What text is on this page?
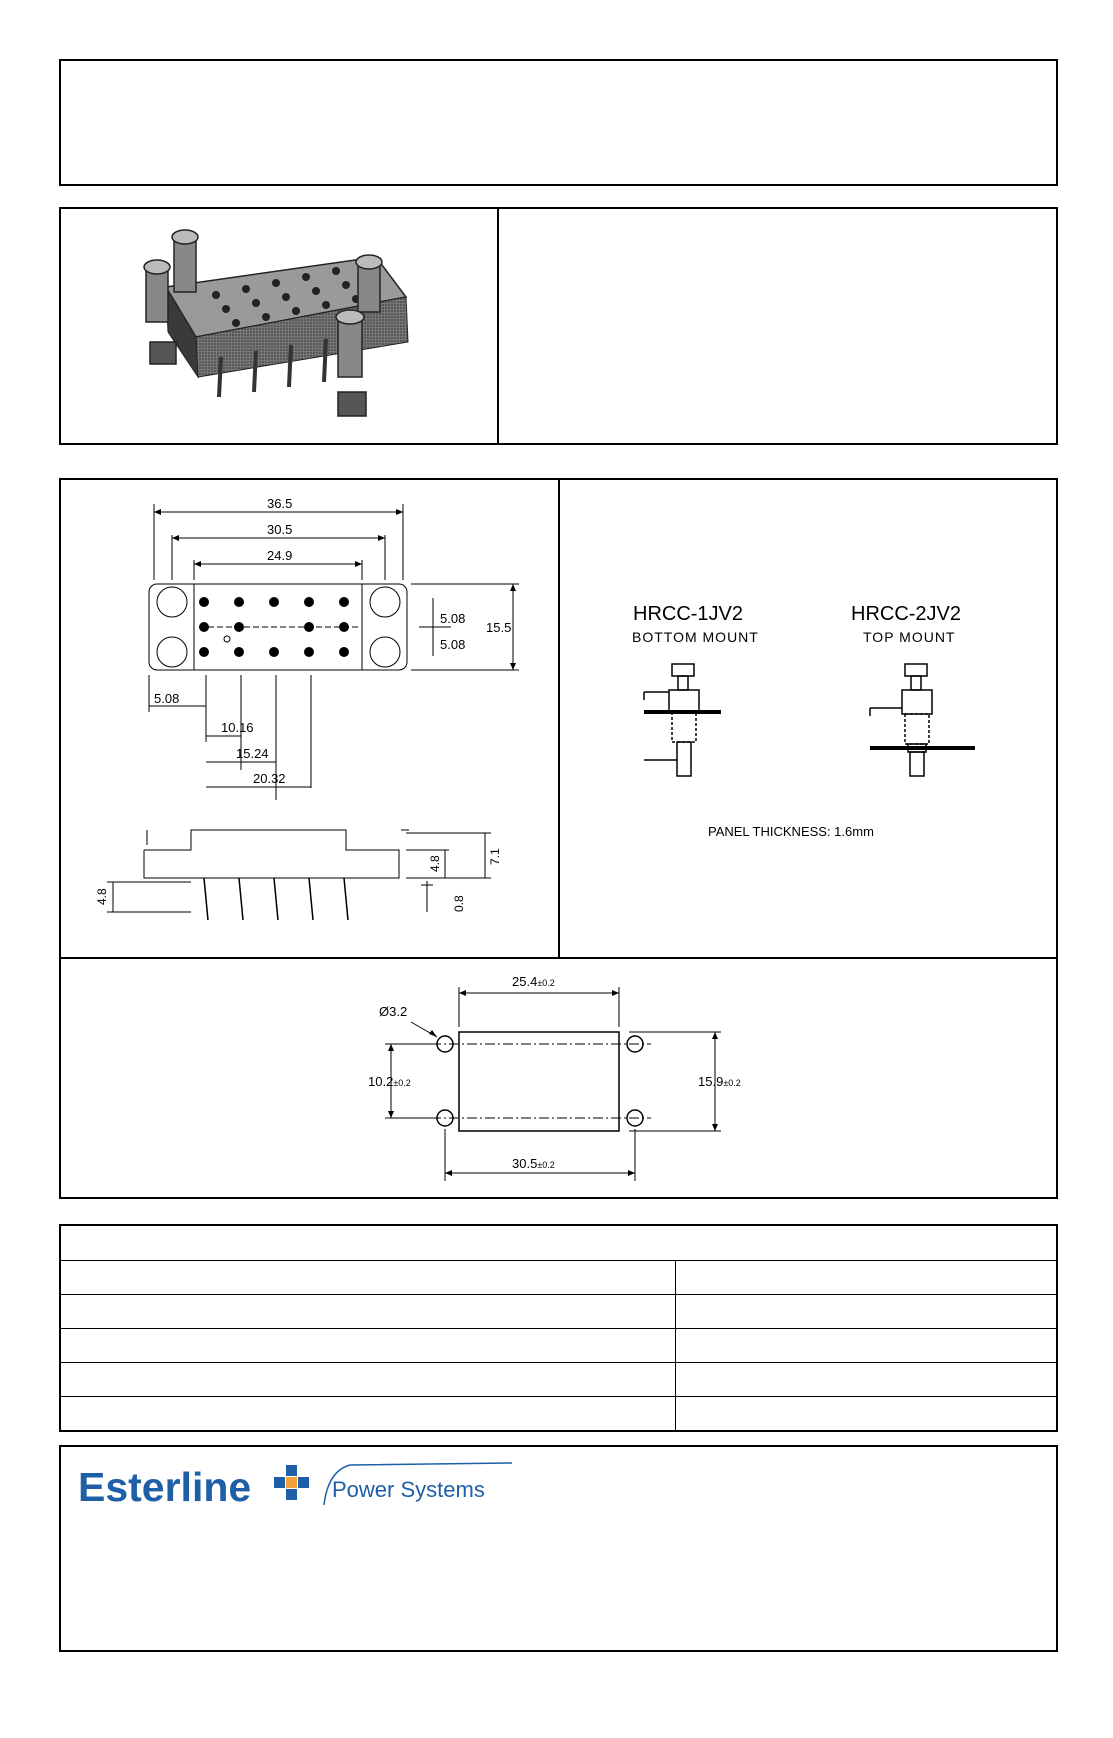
36.5
30.5
24.9
5.08
5.08
15.5
5.08
10.16
15.24
20.32
4.8	7.1
4.8	0.8
HRCC-1JV2
BOTTOM MOUNT
HRCC-2JV2
TOP MOUNT
PANEL THICKNESS: 1.6mm
Ø3.2
25.4±0.2
10.2±0.2	15.9±0.2
30.5±0.2

Esterline	Power Systems
